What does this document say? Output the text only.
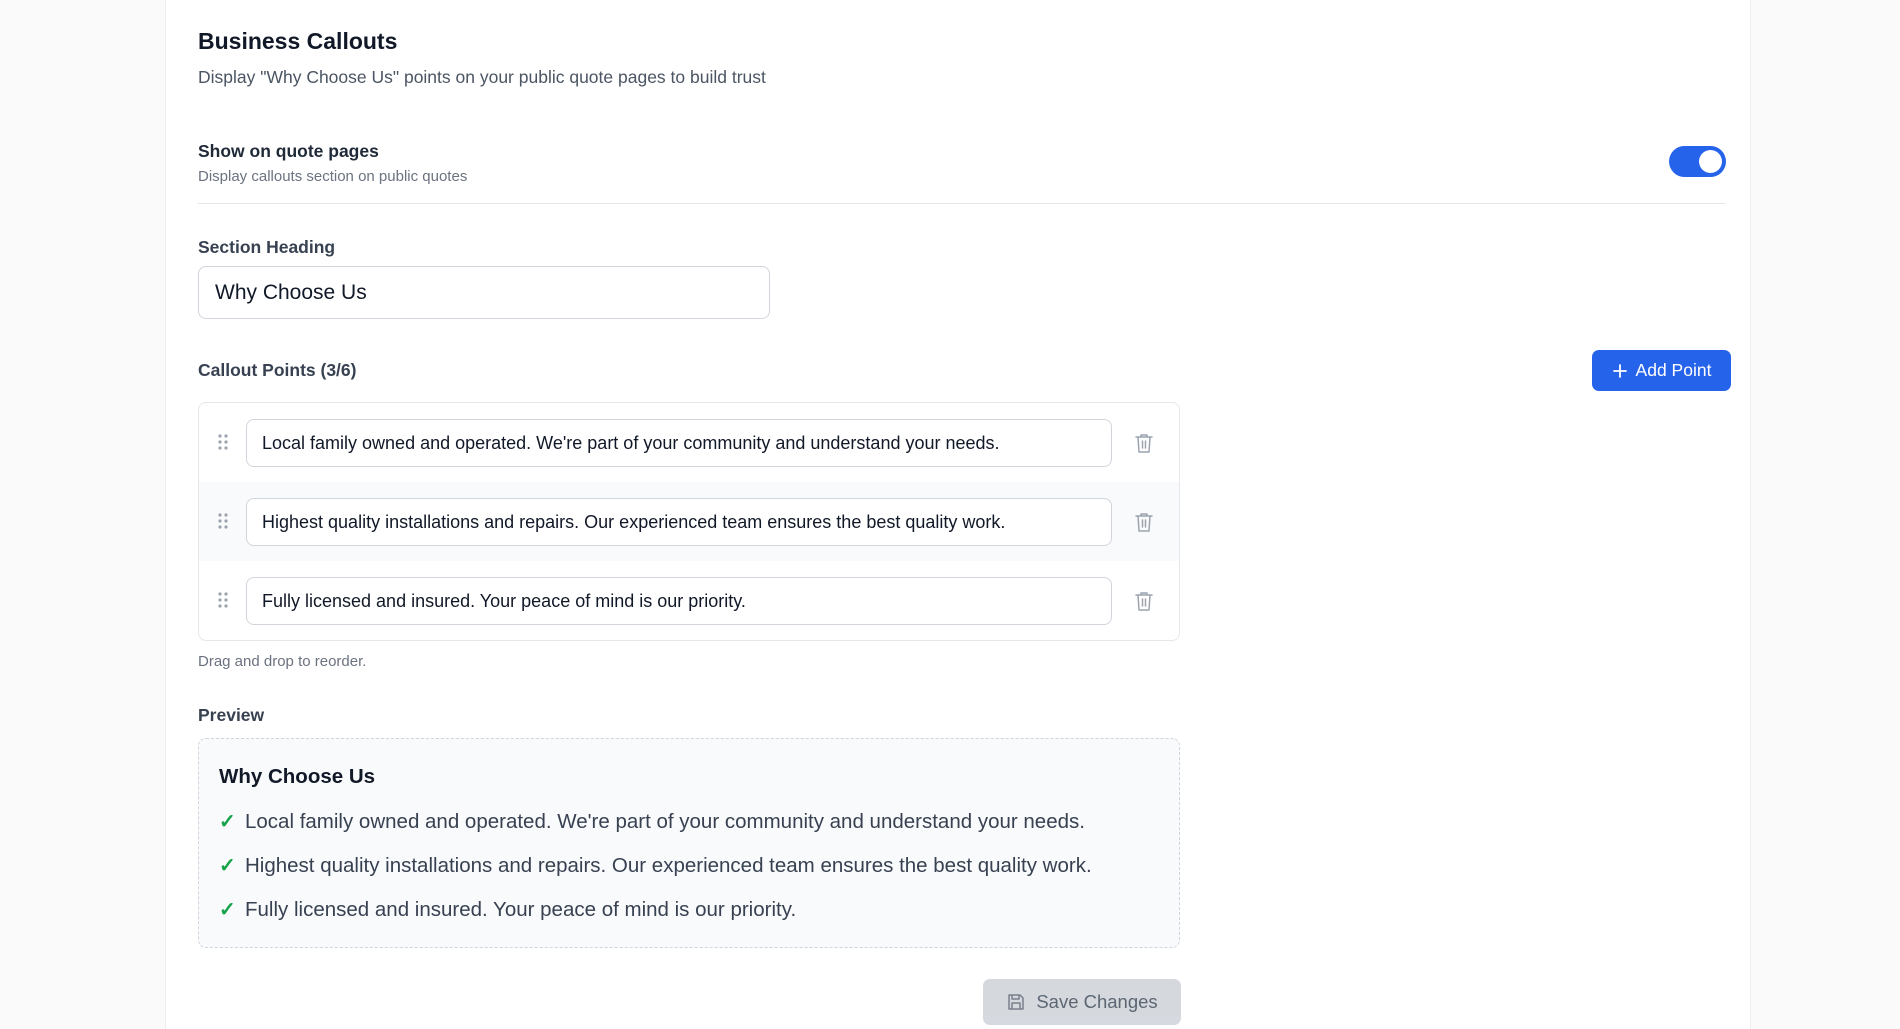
Business Callouts
Display "Why Choose Us" points on your public quote pages to build trust
Show on quote pages
Display callouts section on public quotes
Section Heading
Why Choose Us
Callout Points (3/6)	Add Point
Local family owned and operated. We're part of your community and understand your needs.
Highest quality installations and repairs. Our experienced team ensures the best quality work.
Fully licensed and insured. Your peace of mind is our priority.
Drag and drop to reorder.
Preview
Why Choose Us
✓ Local family owned and operated. We're part of your community and understand your needs.
✓ Highest quality installations and repairs. Our experienced team ensures the best quality work.
✓ Fully licensed and insured. Your peace of mind is our priority.
Save Changes
